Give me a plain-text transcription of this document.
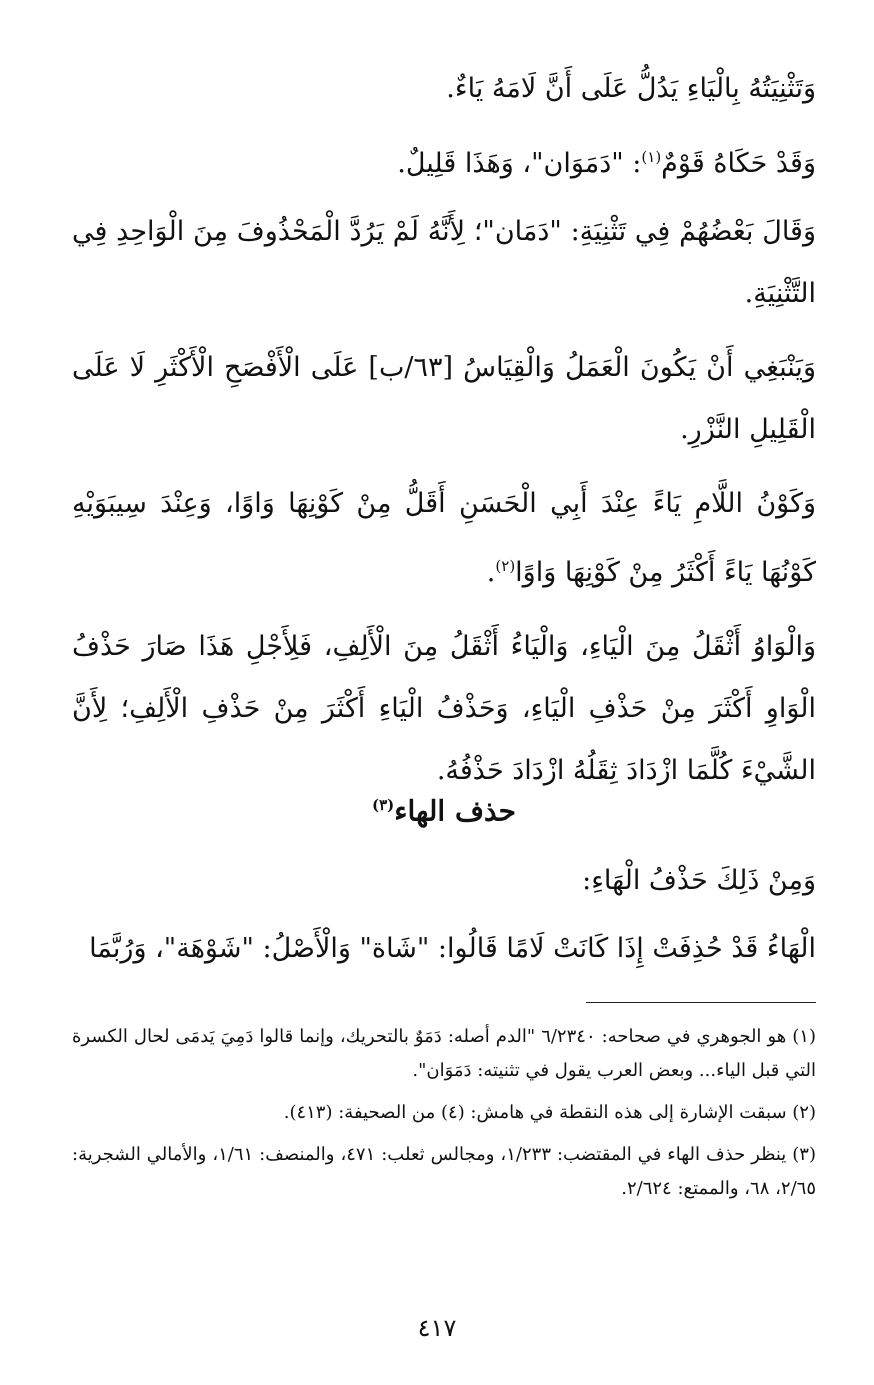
وَتَثْنِيَتُهُ بِالْيَاءِ يَدُلُّ عَلَى أَنَّ لَامَهُ يَاءٌ.

وَقَدْ حَكَاهُ قَوْمٌ$^{(١)}$: "دَمَوَان"، وَهَذَا قَلِيلٌ.

وَقَالَ بَعْضُهُمْ فِي تَثْنِيَةِ: "دَمَان"؛ لِأَنَّهُ لَمْ يَرُدَّ الْمَحْذُوفَ مِنَ الْوَاحِدِ فِي التَّثْنِيَةِ.

وَيَنْبَغِي أَنْ يَكُونَ الْعَمَلُ وَالْقِيَاسُ [٦٣/ب] عَلَى الْأَفْصَحِ الْأَكْثَرِ لَا عَلَى الْقَلِيلِ النَّزْرِ.

وَكَوْنُ اللَّامِ يَاءً عِنْدَ أَبِي الْحَسَنِ أَقَلُّ مِنْ كَوْنِهَا وَاوًا، وَعِنْدَ سِيبَوَيْهِ كَوْنُهَا يَاءً أَكْثَرُ مِنْ كَوْنِهَا وَاوًا$^{(٢)}$.

وَالْوَاوُ أَثْقَلُ مِنَ الْيَاءِ، وَالْيَاءُ أَثْقَلُ مِنَ الْأَلِفِ، فَلِأَجْلِ هَذَا صَارَ حَذْفُ الْوَاوِ أَكْثَرَ مِنْ حَذْفِ الْيَاءِ، وَحَذْفُ الْيَاءِ أَكْثَرَ مِنْ حَذْفِ الْأَلِفِ؛ لِأَنَّ الشَّيْءَ كُلَّمَا ازْدَادَ ثِقَلُهُ ازْدَادَ حَذْفُهُ.

حذف الهاء$^{(٣)}$

وَمِنْ ذَلِكَ حَذْفُ الْهَاءِ:

الْهَاءُ قَدْ حُذِفَتْ إِذَا كَانَتْ لَامًا قَالُوا: "شَاة" وَالْأَصْلُ: "شَوْهَة"، وَرُبَّمَا

(١) هو الجوهري في صحاحه: ٦/٢٣٤٠ "الدم أصله: دَمَوٌ بالتحريك، وإنما قالوا دَمِيَ يَدمَى لحال الكسرة التي قبل الياء... وبعض العرب يقول في تثنيته: دَمَوَان".

(٢) سبقت الإشارة إلى هذه النقطة في هامش: (٤) من الصحيفة: (٤١٣).

(٣) ينظر حذف الهاء في المقتضب: ١/٢٣٣، ومجالس ثعلب: ٤٧١، والمنصف: ١/٦١، والأمالي الشجرية: ٢/٦٥، ٦٨، والممتع: ٢/٦٢٤.

٤١٧
